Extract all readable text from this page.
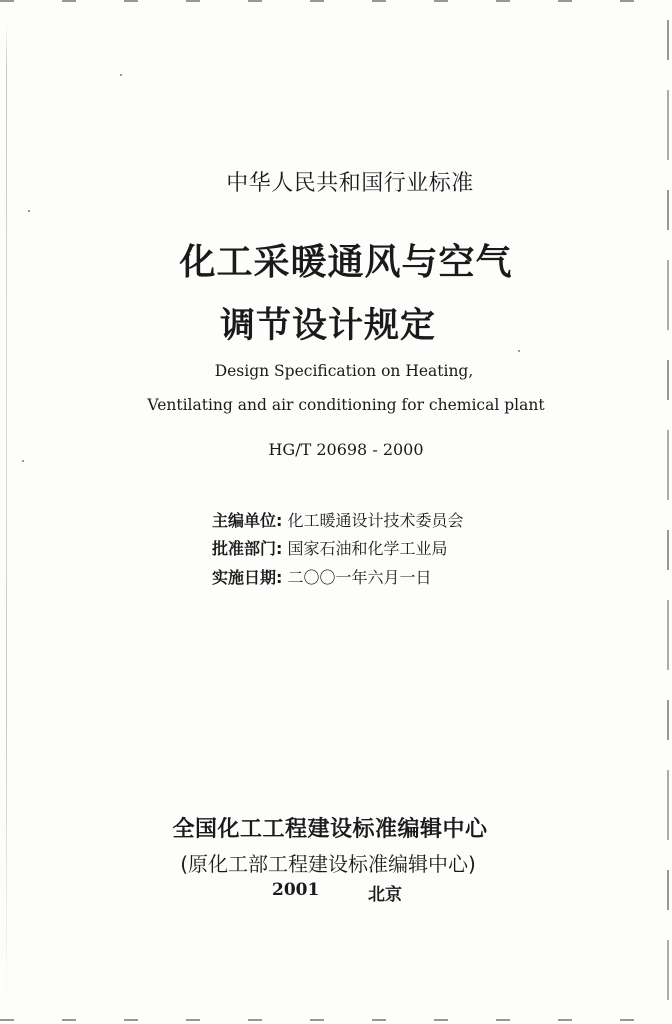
中华人民共和国行业标准
化工采暖通风与空气
调节设计规定
Design Specification on Heating,
Ventilating and air conditioning for chemical plant
HG/T 20698 - 2000
主编单位: 化工暖通设计技术委员会
批准部门: 国家石油和化学工业局
实施日期: 二〇〇一年六月一日
全国化工工程建设标准编辑中心
(原化工部工程建设标准编辑中心)
2001	北京
